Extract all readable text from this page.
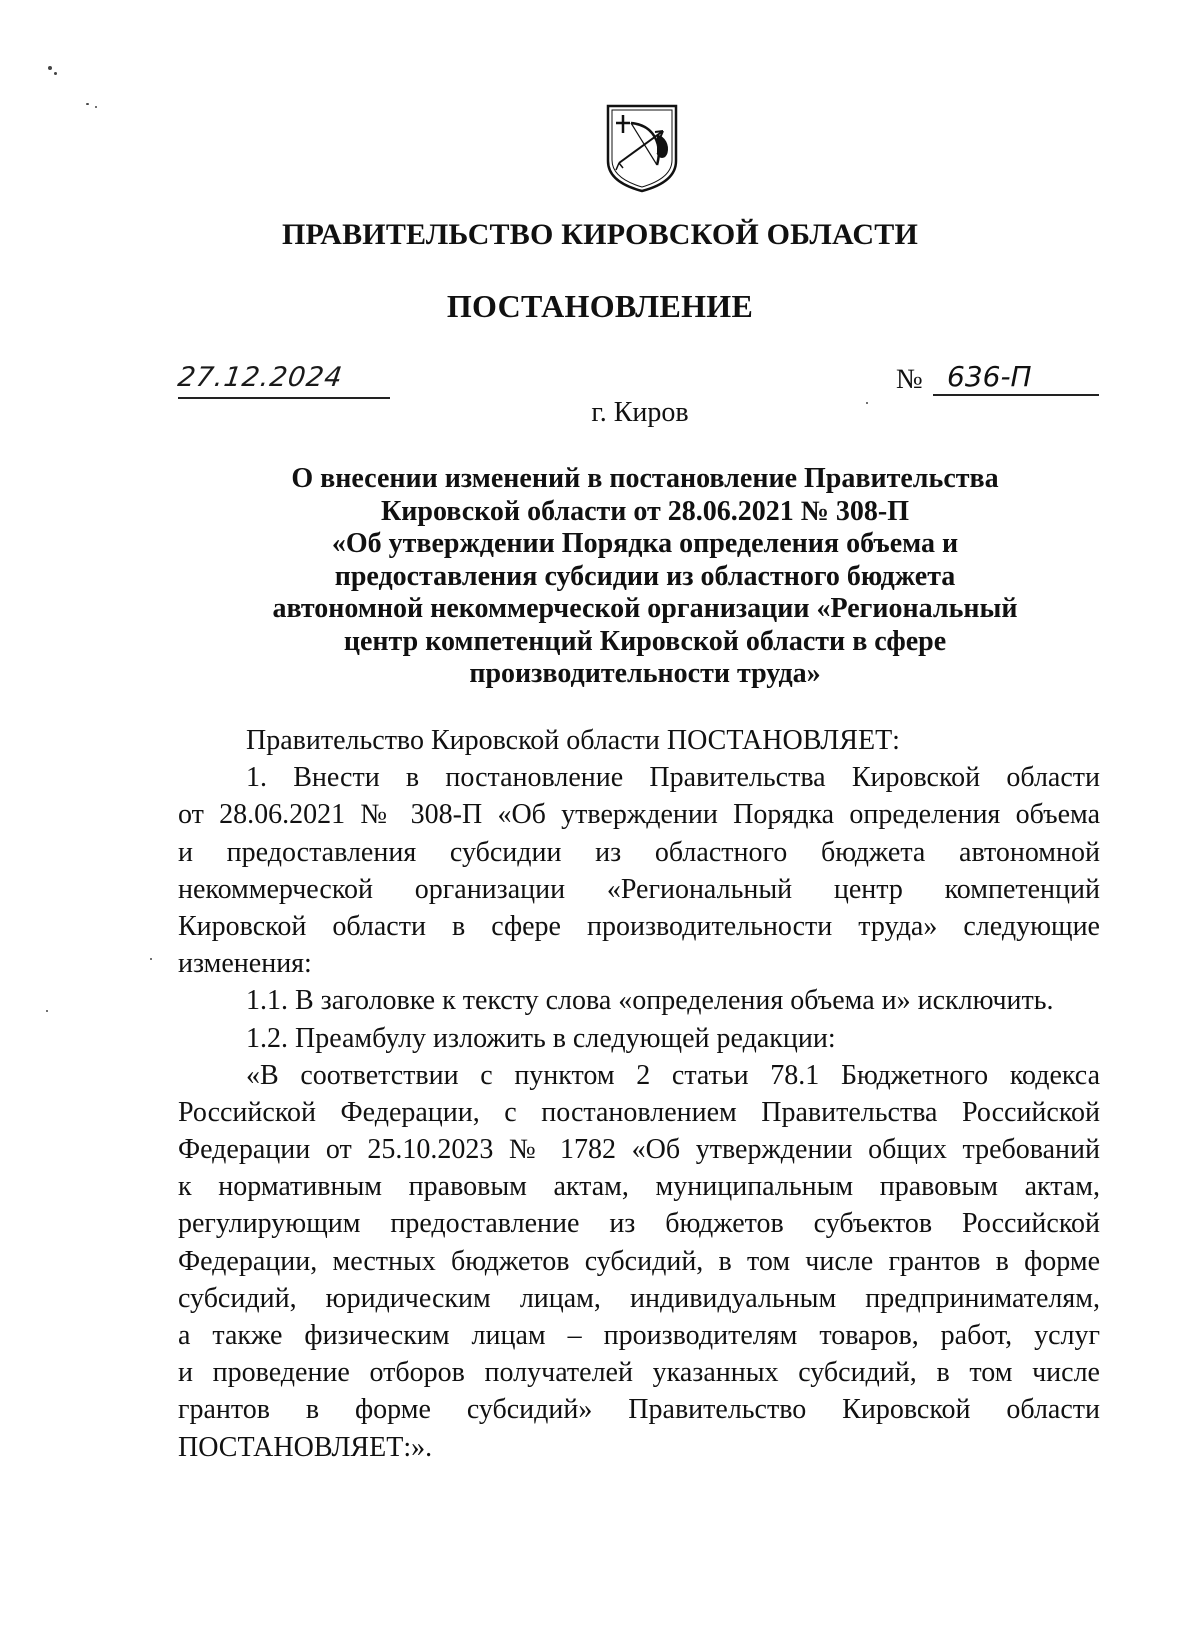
ПРАВИТЕЛЬСТВО КИРОВСКОЙ ОБЛАСТИ
ПОСТАНОВЛЕНИЕ
27.12.2024	№ 636-П
г. Киров
О внесении изменений в постановление Правительства
Кировской области от 28.06.2021 № 308-П
«Об утверждении Порядка определения объема и
предоставления субсидии из областного бюджета
автономной некоммерческой организации «Региональный
центр компетенций Кировской области в сфере
производительности труда»
Правительство Кировской области ПОСТАНОВЛЯЕТ:
1. Внести в постановление Правительства Кировской области
от 28.06.2021 № 308-П «Об утверждении Порядка определения объема
и предоставления субсидии из областного бюджета автономной
некоммерческой организации «Региональный центр компетенций
Кировской области в сфере производительности труда» следующие
изменения:
1.1. В заголовке к тексту слова «определения объема и» исключить.
1.2. Преамбулу изложить в следующей редакции:
«В соответствии с пунктом 2 статьи 78.1 Бюджетного кодекса
Российской Федерации, с постановлением Правительства Российской
Федерации от 25.10.2023 № 1782 «Об утверждении общих требований
к нормативным правовым актам, муниципальным правовым актам,
регулирующим предоставление из бюджетов субъектов Российской
Федерации, местных бюджетов субсидий, в том числе грантов в форме
субсидий, юридическим лицам, индивидуальным предпринимателям,
а также физическим лицам – производителям товаров, работ, услуг
и проведение отборов получателей указанных субсидий, в том числе
грантов в форме субсидий» Правительство Кировской области
ПОСТАНОВЛЯЕТ:».
